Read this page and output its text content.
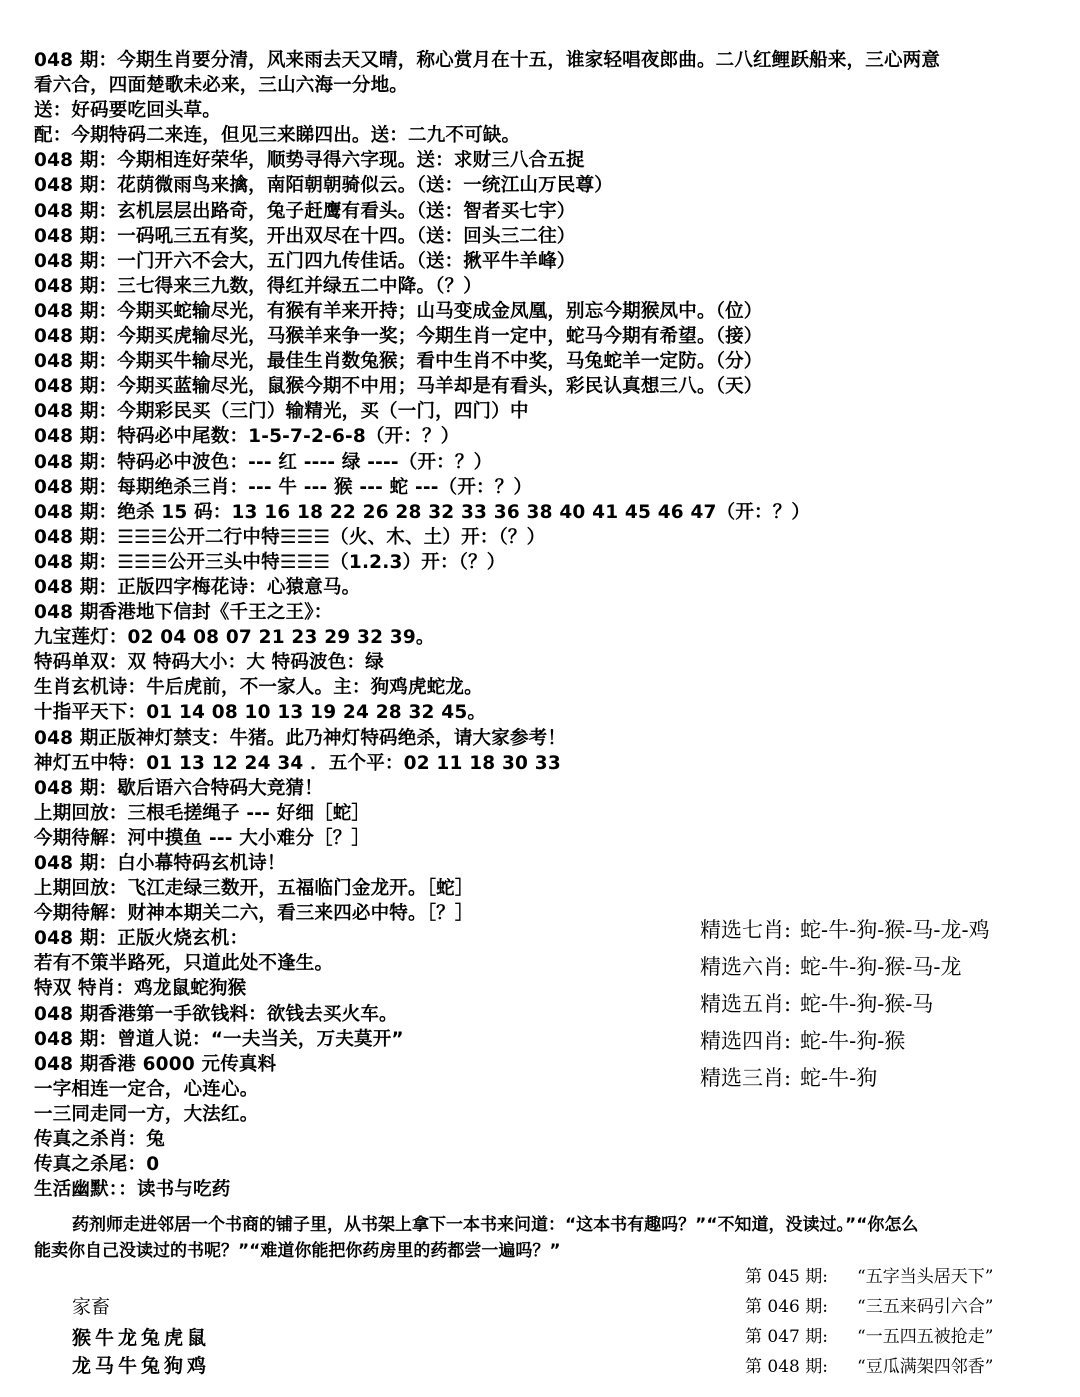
048 期：今期生肖要分清，风来雨去天又晴，称心赏月在十五，谁家轻唱夜郎曲。二八红鲤跃船来，三心两意
看六合，四面楚歌未必来，三山六海一分地。
送：好码要吃回头草。
配：今期特码二来连，但见三来睇四出。送：二九不可缺。
048 期：今期相连好荣华，顺势寻得六字现。送：求财三八合五捉
048 期：花荫微雨鸟来擒，南陌朝朝骑似云。（送：一统江山万民尊）
048 期：玄机层层出路奇，兔子赶鹰有看头。（送：智者买七宇）
048 期：一码吼三五有奖，开出双尽在十四。（送：回头三二往）
048 期：一门开六不会大，五门四九传佳话。（送：揪平牛羊峰）
048 期：三七得来三九数，得红并绿五二中降。（？）
048 期：今期买蛇输尽光，有猴有羊来开持；山马变成金凤凰，别忘今期猴凤中。（位）
048 期：今期买虎输尽光，马猴羊来争一奖；今期生肖一定中，蛇马今期有希望。（接）
048 期：今期买牛输尽光，最佳生肖数兔猴；看中生肖不中奖，马兔蛇羊一定防。（分）
048 期：今期买蓝输尽光，鼠猴今期不中用；马羊却是有看头，彩民认真想三八。（天）
048 期：今期彩民买（三门）输精光，买（一门，四门）中
048 期：特码必中尾数：1-5-7-2-6-8（开：？）
048 期：特码必中波色：--- 红 ---- 绿 ----（开：？）
048 期：每期绝杀三肖：--- 牛 --- 猴 --- 蛇 ---（开：？）
048 期：绝杀 15 码：13 16 18 22 26 28 32 33 36 38 40 41 45 46 47（开：？）
048 期：☰☰☰公开二行中特☰☰☰（火、木、土）开：（？）
048 期：☰☰☰公开三头中特☰☰☰（1.2.3）开：（？）
048 期：正版四字梅花诗：心猿意马。
048 期香港地下信封《千王之王》：
九宝莲灯：02 04 08 07 21 23 29 32 39。
特码单双：双 特码大小：大 特码波色：绿
生肖玄机诗：牛后虎前，不一家人。主：狗鸡虎蛇龙。
十指平天下：01 14 08 10 13 19 24 28 32 45。
048 期正版神灯禁支：牛猪。此乃神灯特码绝杀，请大家参考！
神灯五中特：01 13 12 24 34 ．五个平：02 11 18 30 33
048 期：歇后语六合特码大竞猜！
上期回放：三根毛搓绳子 --- 好细［蛇］
今期待解：河中摸鱼 --- 大小难分［？］
048 期：白小幕特码玄机诗！
上期回放：飞江走绿三数开，五福临门金龙开。［蛇］
今期待解：财神本期关二六，看三来四必中特。［？］
048 期：正版火烧玄机：
若有不策半路死，只道此处不逢生。
特双 特肖：鸡龙鼠蛇狗猴
048 期香港第一手欲钱料：欲钱去买火车。
048 期：曾道人说：“一夫当关，万夫莫开”
048 期香港 6000 元传真料
一字相连一定合，心连心。
一三同走同一方，大法红。
传真之杀肖：兔
传真之杀尾：0
生活幽默：：读书与吃药
药剂师走进邻居一个书商的铺子里，从书架上拿下一本书来问道：“这本书有趣吗？”“不知道，没读过。”“你怎么
能卖你自己没读过的书呢？”“难道你能把你药房里的药都尝一遍吗？”
精选七肖: 蛇-牛-狗-猴-马-龙-鸡
精选六肖: 蛇-牛-狗-猴-马-龙
精选五肖: 蛇-牛-狗-猴-马
精选四肖: 蛇-牛-狗-猴
精选三肖: 蛇-牛-狗
第 045 期: “五字当头居天下”
第 046 期: “三五来码引六合”
第 047 期: “一五四五被抢走”
第 048 期: “豆瓜满架四邻香”
家畜
猴牛龙兔虎鼠
龙马牛兔狗鸡
